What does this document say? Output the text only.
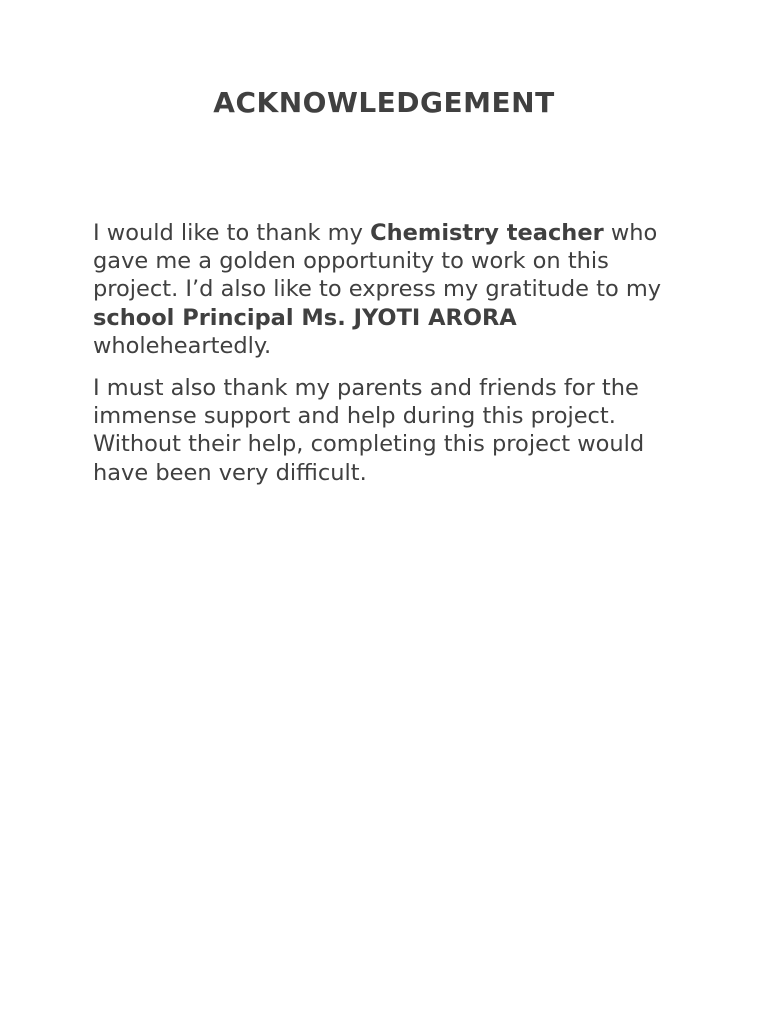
ACKNOWLEDGEMENT

I would like to thank my Chemistry teacher who gave me a golden opportunity to work on this project. I’d also like to express my gratitude to my school Principal Ms. JYOTI ARORA wholeheartedly.

I must also thank my parents and friends for the immense support and help during this project. Without their help, completing this project would have been very difficult.
